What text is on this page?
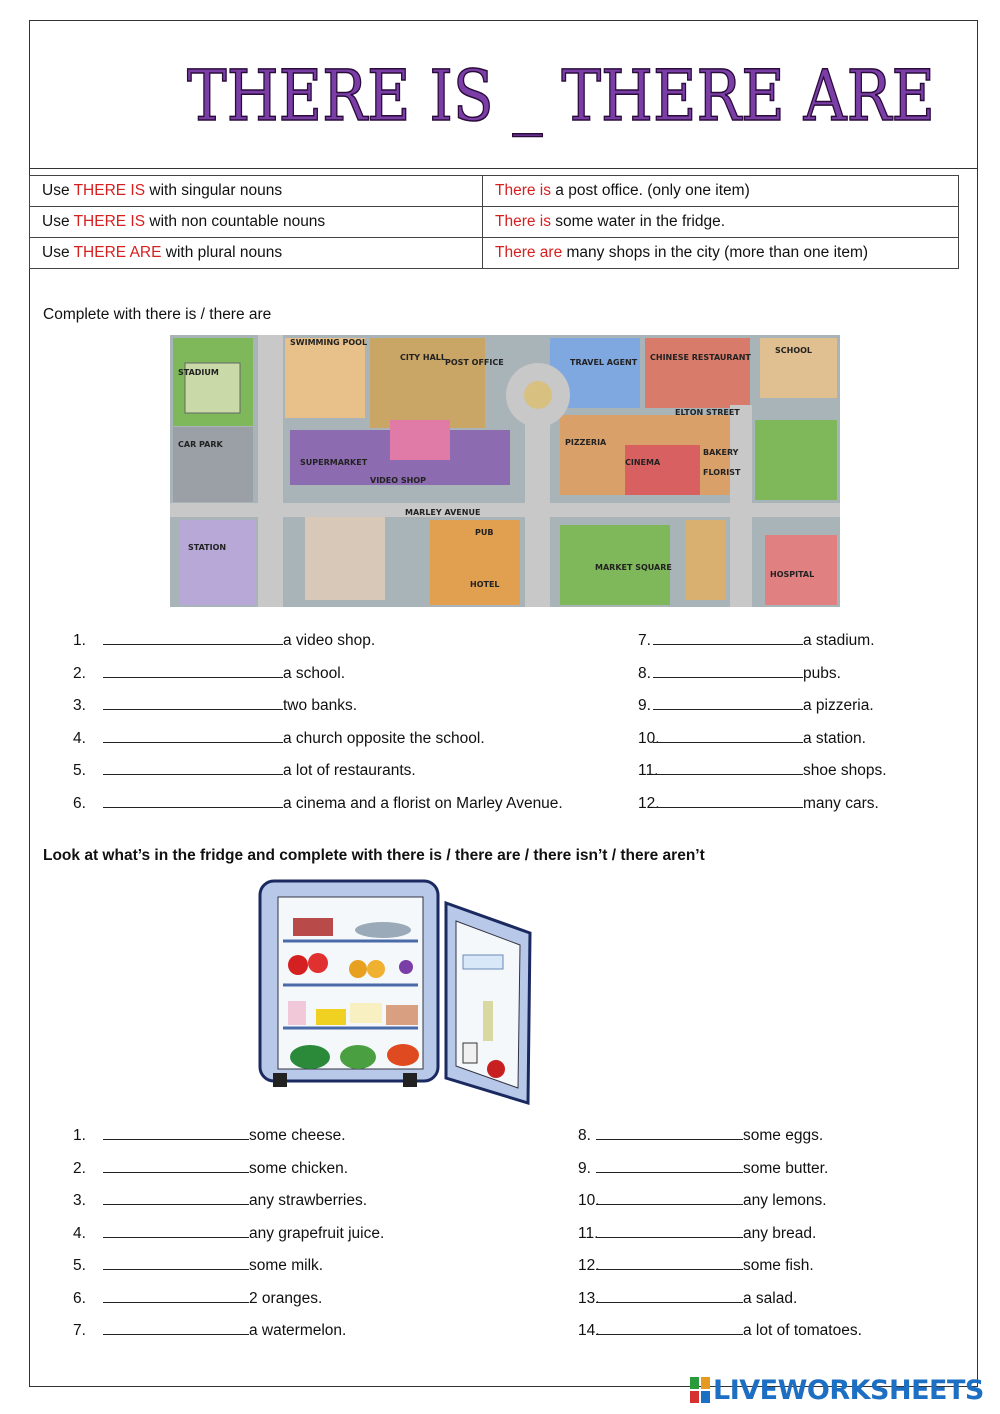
THERE IS _ THERE ARE
Use THERE IS with singular nouns	There is a post office. (only one item)
Use THERE IS with non countable nouns	There is some water in the fridge.
Use THERE ARE with plural nouns	There are many shops in the city (more than one item)
Complete with there is / there are
STADIUM
SWIMMING POOL
CITY HALL
POST OFFICE	TRAVEL AGENT
CHINESE RESTAURANT
SCHOOL
CAR PARK
SUPERMARKET
PIZZERIA
ELTON STREET
CINEMA
BAKERY
FLORIST
VIDEO SHOP
MARLEY AVENUE
PUB
STATION
HOTEL
MARKET SQUARE
HOSPITAL
1.	a video shop.
2.	a school.
3.	two banks.
4.	a church opposite the school.
5.	a lot of restaurants.
6.	a cinema and a florist on Marley Avenue.
7.	a stadium.
8.	pubs.
9.	a pizzeria.
10.	a station.
11.	shoe shops.
12.	many cars.
Look at what’s in the fridge and complete with there is / there are / there isn’t / there aren’t
1.	some cheese.
2.	some chicken.
3.	any strawberries.
4.	any grapefruit juice.
5.	some milk.
6.	2 oranges.
7.	a watermelon.
8.	some eggs.
9.	some butter.
10.	any lemons.
11.	any bread.
12.	some fish.
13.	a salad.
14.	a lot of tomatoes.
LIVEWORKSHEETS
